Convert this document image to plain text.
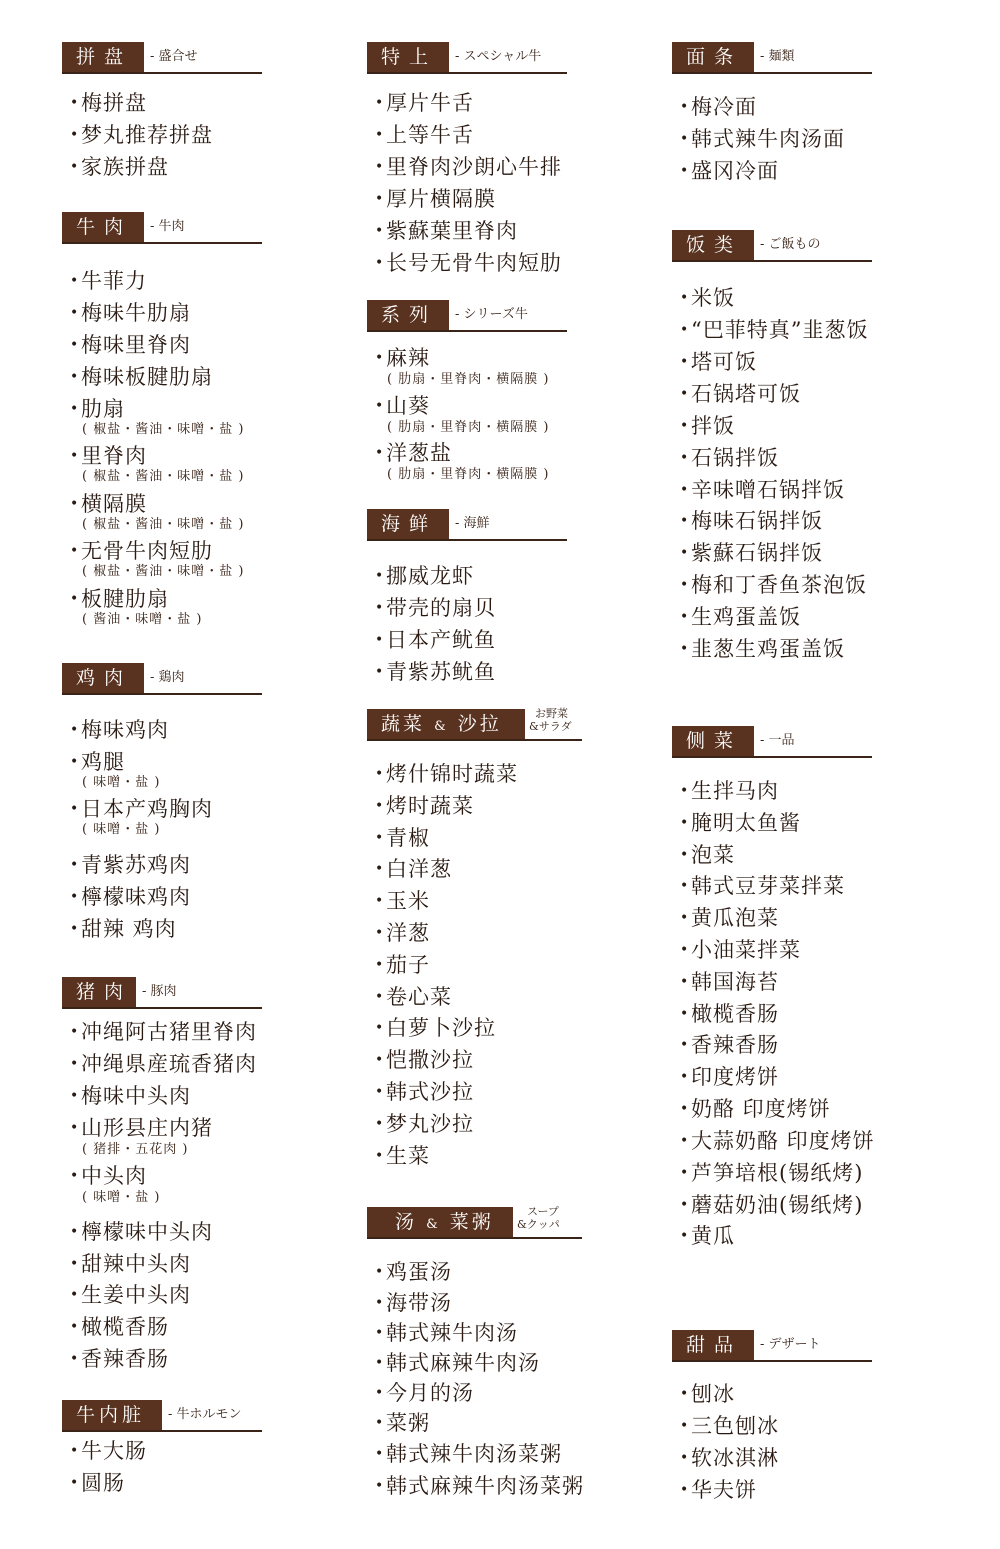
拼盘	- 盛合せ
•梅拼盘
•梦丸推荐拼盘
•家族拼盘
牛肉	- 牛肉
•牛菲力
•梅味牛肋扇
•梅味里脊肉
•梅味板腱肋扇
•肋扇
( 椒盐・酱油・味噌・盐 )
•里脊肉
( 椒盐・酱油・味噌・盐 )
•横隔膜
( 椒盐・酱油・味噌・盐 )
•无骨牛肉短肋
( 椒盐・酱油・味噌・盐 )
•板腱肋扇
( 酱油・味噌・盐 )
鸡肉	- 鶏肉
•梅味鸡肉
•鸡腿
( 味噌・盐 )
•日本产鸡胸肉
( 味噌・盐 )
•青紫苏鸡肉
•檸檬味鸡肉
•甜辣 鸡肉
猪肉 - 豚肉
•冲绳阿古猪里脊肉
•冲绳県産琉香猪肉
•梅味中头肉
•山形县庄内猪
( 猪排・五花肉 )
•中头肉
( 味噌・盐 )
•檸檬味中头肉
•甜辣中头肉
•生姜中头肉
•橄榄香肠
•香辣香肠
牛内脏	- 牛ホルモン
•牛大肠
•圆肠
特上	- スペシャル牛
•厚片牛舌
•上等牛舌
•里脊肉沙朗心牛排
•厚片横隔膜
•紫蘇葉里脊肉
•长号无骨牛肉短肋
系列	- シリーズ牛
•麻辣
( 肋扇・里脊肉・横隔膜 )
•山葵
( 肋扇・里脊肉・横隔膜 )
•洋葱盐
( 肋扇・里脊肉・横隔膜 )
海鲜	- 海鮮
•挪威龙虾
•带壳的扇贝
•日本产鱿鱼
•青紫苏鱿鱼
蔬菜 & 沙拉	お野菜
&サラダ
•烤什锦时蔬菜
•烤时蔬菜
•青椒
•白洋葱
•玉米
•洋葱
•茄子
•卷心菜
•白萝卜沙拉
•恺撒沙拉
•韩式沙拉
•梦丸沙拉
•生菜
汤 & 菜粥	スープ
&クッパ
•鸡蛋汤
•海带汤
•韩式辣牛肉汤
•韩式麻辣牛肉汤
•今月的汤
•菜粥
•韩式辣牛肉汤菜粥
•韩式麻辣牛肉汤菜粥
面条	- 麺類
•梅冷面
•韩式辣牛肉汤面
•盛冈冷面
饭类	- ご飯もの
•米饭
•“巴菲特真”韭葱饭
•塔可饭
•石锅塔可饭
•拌饭
•石锅拌饭
•辛味噌石锅拌饭
•梅味石锅拌饭
•紫蘇石锅拌饭
•梅和丁香鱼茶泡饭
•生鸡蛋盖饭
•韭葱生鸡蛋盖饭
侧菜	- 一品
•生拌马肉
•腌明太鱼酱
•泡菜
•韩式豆芽菜拌菜
•黄瓜泡菜
•小油菜拌菜
•韩国海苔
•橄榄香肠
•香辣香肠
•印度烤饼
•奶酪 印度烤饼
•大蒜奶酪 印度烤饼
•芦笋培根(锡纸烤)
•蘑菇奶油(锡纸烤)
•黄瓜
甜品	- デザート
•刨冰
•三色刨冰
•软冰淇淋
•华夫饼
